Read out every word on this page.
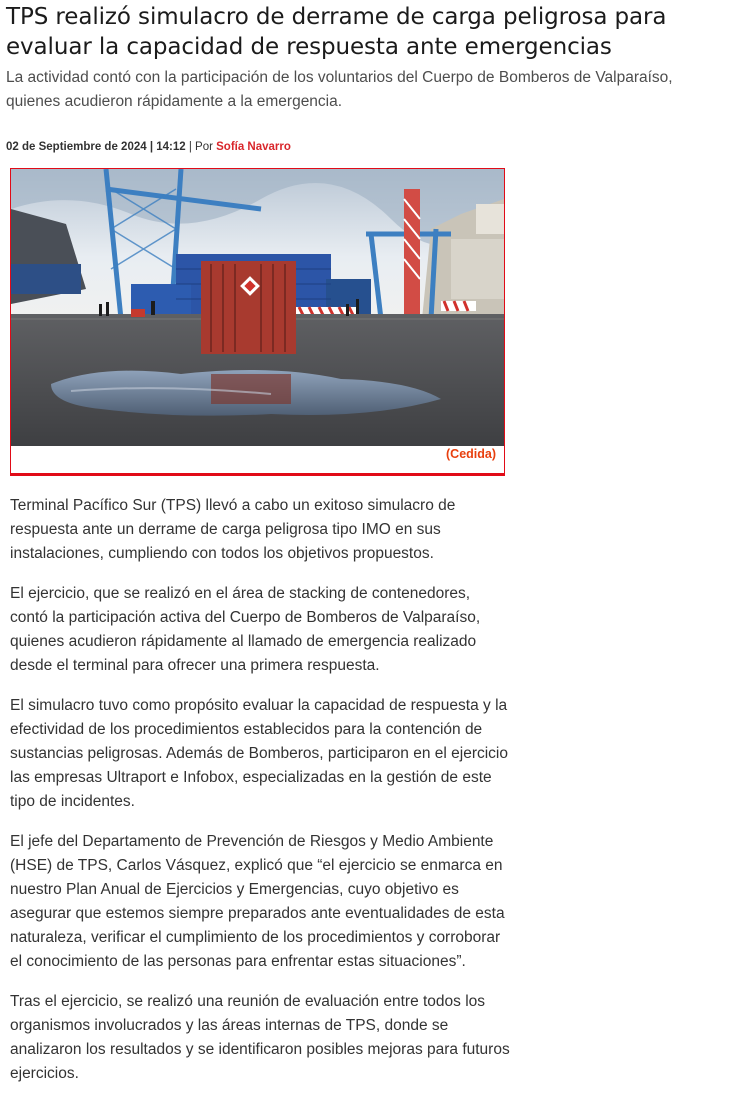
TPS realizó simulacro de derrame de carga peligrosa para evaluar la capacidad de respuesta ante emergencias

La actividad contó con la participación de los voluntarios del Cuerpo de Bomberos de Valparaíso, quienes acudieron rápidamente a la emergencia.

02 de Septiembre de 2024 | 14:12 | Por Sofía Navarro
(Cedida)

Terminal Pacífico Sur (TPS) llevó a cabo un exitoso simulacro de respuesta ante un derrame de carga peligrosa tipo IMO en sus instalaciones, cumpliendo con todos los objetivos propuestos.

El ejercicio, que se realizó en el área de stacking de contenedores, contó la participación activa del Cuerpo de Bomberos de Valparaíso, quienes acudieron rápidamente al llamado de emergencia realizado desde el terminal para ofrecer una primera respuesta.

El simulacro tuvo como propósito evaluar la capacidad de respuesta y la efectividad de los procedimientos establecidos para la contención de sustancias peligrosas. Además de Bomberos, participaron en el ejercicio las empresas Ultraport e Infobox, especializadas en la gestión de este tipo de incidentes.

El jefe del Departamento de Prevención de Riesgos y Medio Ambiente (HSE) de TPS, Carlos Vásquez, explicó que “el ejercicio se enmarca en nuestro Plan Anual de Ejercicios y Emergencias, cuyo objetivo es asegurar que estemos siempre preparados ante eventualidades de esta naturaleza, verificar el cumplimiento de los procedimientos y corroborar el conocimiento de las personas para enfrentar estas situaciones”.

Tras el ejercicio, se realizó una reunión de evaluación entre todos los organismos involucrados y las áreas internas de TPS, donde se analizaron los resultados y se identificaron posibles mejoras para futuros ejercicios.
